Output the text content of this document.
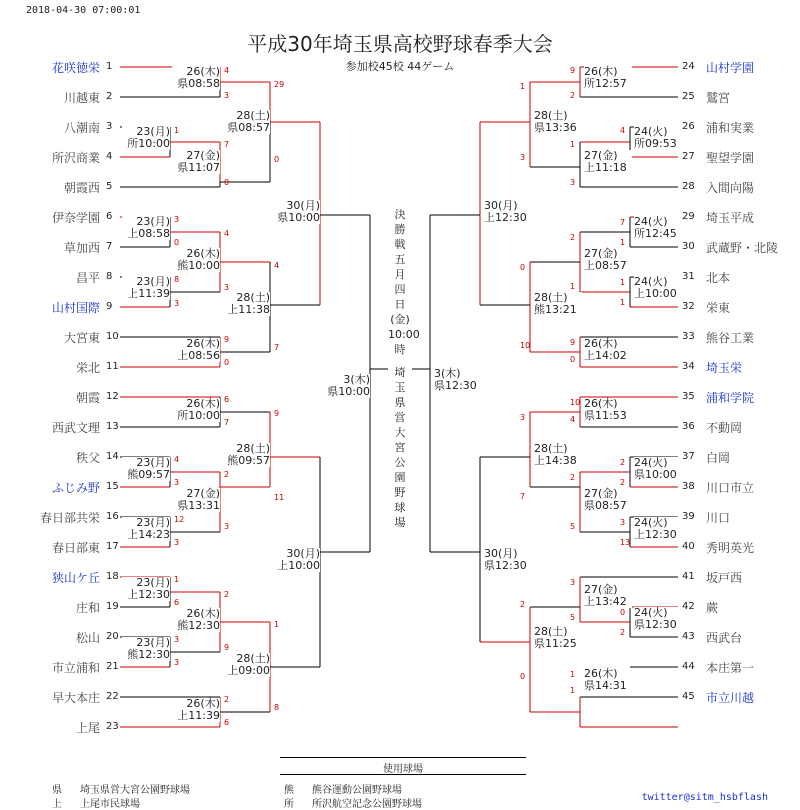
2018-04-30 07:00:01
平成30年埼玉県高校野球春季大会
参加校45校 44ゲーム
花咲徳栄 1
川越東 2
八潮南 3
所沢商業 4
朝霞西 5
伊奈学園 6
草加西 7
昌平 8
山村国際 9
大宮東 10
栄北 11
朝霞 12
西武文理 13
秩父 14
ふじみ野 15
春日部共栄 16
春日部東 17
狭山ケ丘 18
庄和 19
松山 20
市立浦和 21
早大本庄 22
上尾 23
山村学園
24
鷲宮
25
浦和実業
26
聖望学園
27
入間向陽
28
埼玉平成
29
武蔵野・北陵
30
北本
31
栄東
32
熊谷工業
33
埼玉栄
34
浦和学院
35
不動岡
36
白岡
37
川口市立
38
川口
39
秀明英光
40
坂戸西
41
蕨
42
西武台
43
本庄第一
44
市立川越
45
26(木)
県08:58
4
3
23(月)
所10:00
1
27(金)
県11:07
7
0
28(土)
県08:57
29
0
23(月)
上08:58
3
0
23(月)
上11:39
8
3
26(木)
熊10:00
4
3
26(木)
上08:56
9
0
28(土)
上11:38
4
7
30(月)
県10:00
26(木)
所10:00
6
7
23(月)
熊09:57
4
3
23(月)
上14:23
12
3
27(金)
県13:31
2
3
28(土)
熊09:57
9
11
23(月)
上12:30
1
6
23(月)
熊12:30
3
3
26(木)
熊12:30
2
9
26(木)
上11:39
2
6
28(土)
上09:00
1
8
30(月)
上10:00
3(木)
県10:00
26(木)
所12:57
9
2
24(火)
所09:53
4
27(金)
上11:18
1
3
28(土)
県13:36
1
3
24(火)
所12:45
7
1
24(火)
上10:00
1
1
27(金)
上08:57
2
1
26(木)
上14:02
9
0
28(土)
熊13:21
0
10
30(月)
上12:30
10
4
26(木)
県11:53
24(火)
県10:00
2
2
24(火)
上12:30
3
13
27(金)
県08:57
2
5
28(土)
上14:38
3
7
24(火)
県12:30
0
2
27(金)
上13:42
3
5
26(木)
県14:31
1
1
28(土)
県11:25
2
0
30(月)
県12:30
3(木)
県12:30
決
勝
戦
五
月
四
日
(金)
10:00
時
埼
玉
県
営
大
宮
公
園
野
球
場
使用球場
県 埼玉県営大宮公園野球場
上 上尾市民球場
熊 熊谷運動公園野球場
所 所沢航空記念公園野球場
twitter@sitm_hsbflash
